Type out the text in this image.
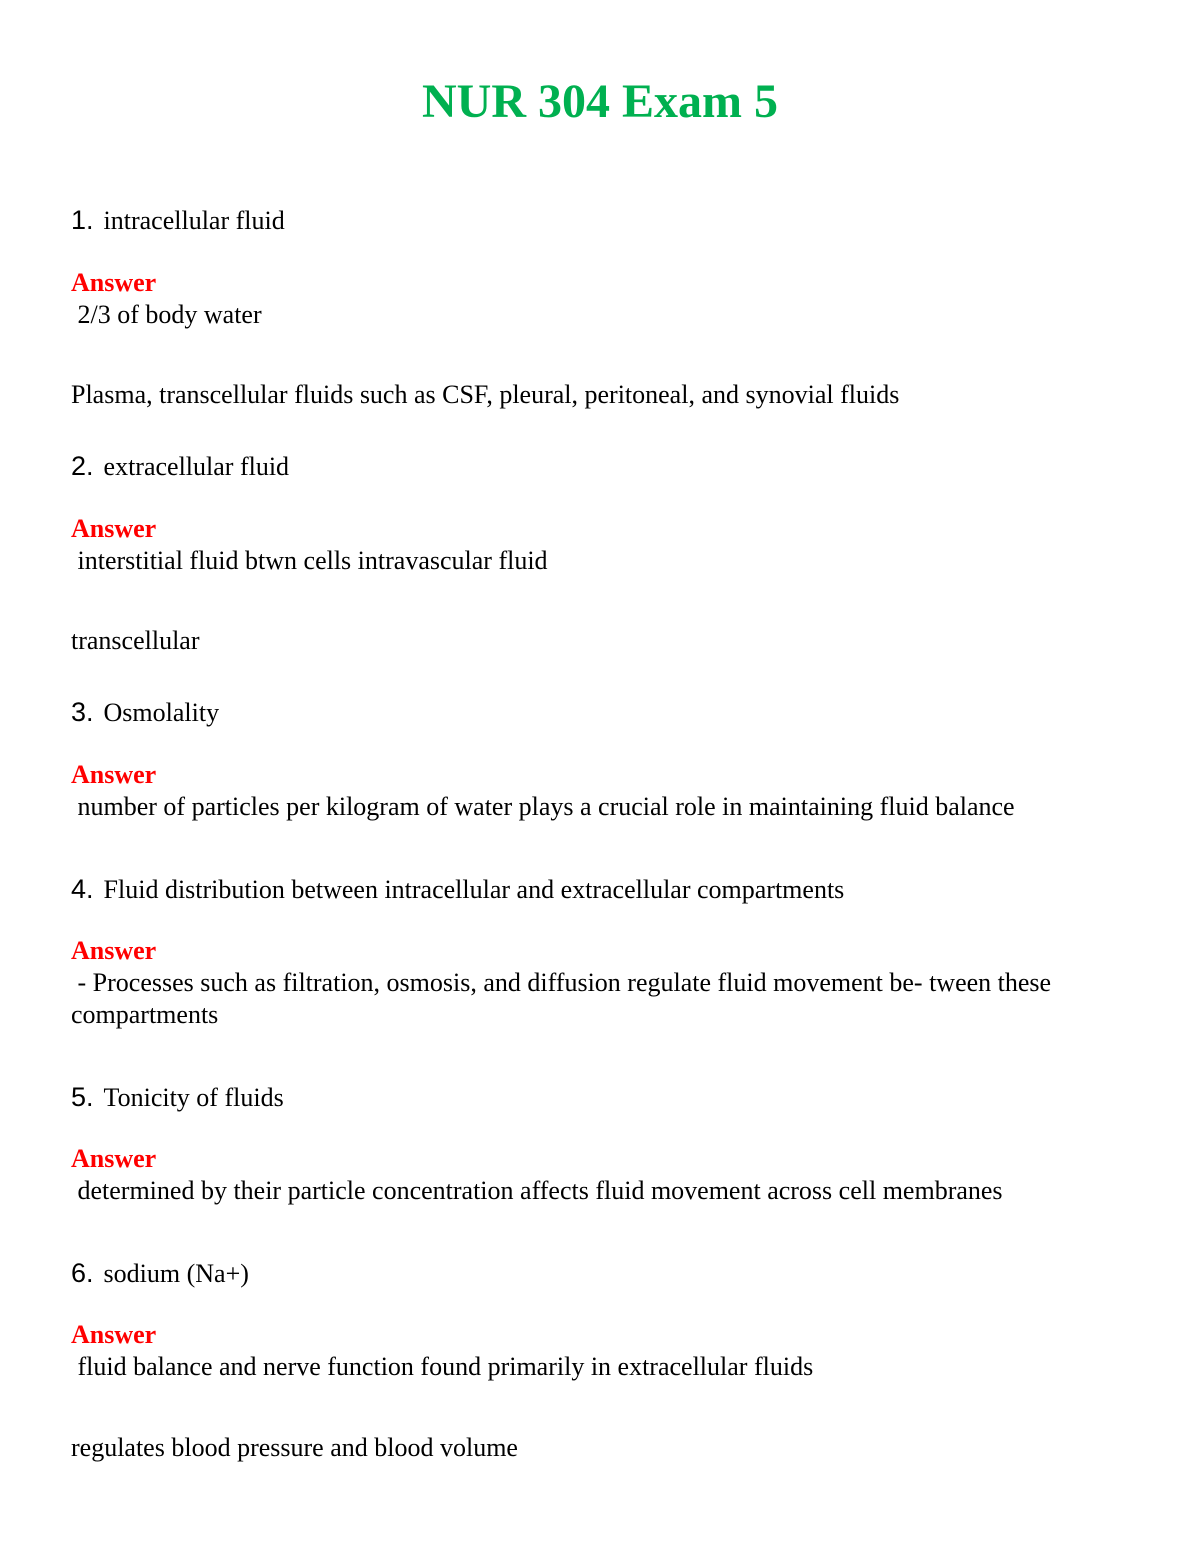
NUR 304 Exam 5
1. intracellular fluid
Answer
2/3 of body water
Plasma, transcellular fluids such as CSF, pleural, peritoneal, and synovial fluids
2. extracellular fluid
Answer
interstitial fluid btwn cells intravascular fluid
transcellular
3. Osmolality
Answer
number of particles per kilogram of water plays a crucial role in maintaining fluid balance
4. Fluid distribution between intracellular and extracellular compartments
Answer
- Processes such as filtration, osmosis, and diffusion regulate fluid movement be- tween these compartments
5. Tonicity of fluids
Answer
determined by their particle concentration affects fluid movement across cell membranes
6. sodium (Na+)
Answer
fluid balance and nerve function found primarily in extracellular fluids
regulates blood pressure and blood volume
